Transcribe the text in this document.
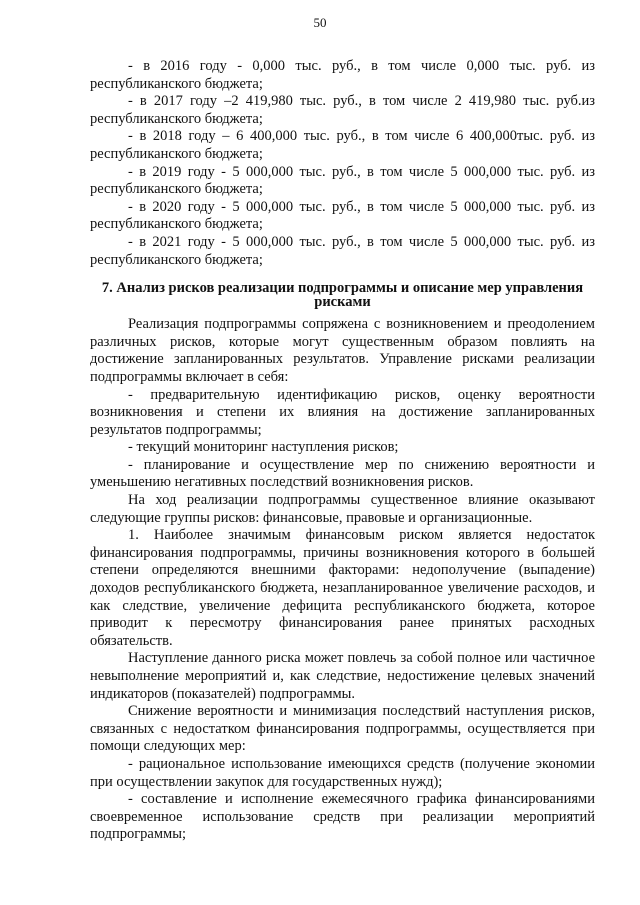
50

- в 2016 году - 0,000 тыс. руб., в том числе 0,000 тыс. руб. из республиканского бюджета;

- в 2017 году –2 419,980 тыс. руб., в том числе 2 419,980 тыс. руб.из республиканского бюджета;

- в 2018 году – 6 400,000 тыс. руб., в том числе 6 400,000тыс. руб. из республиканского бюджета;

- в 2019 году - 5 000,000 тыс. руб., в том числе 5 000,000 тыс. руб. из республиканского бюджета;

- в 2020 году - 5 000,000 тыс. руб., в том числе 5 000,000 тыс. руб. из республиканского бюджета;

- в 2021 году - 5 000,000 тыс. руб., в том числе 5 000,000 тыс. руб. из республиканского бюджета;

7. Анализ рисков реализации подпрограммы и описание мер управления рисками

Реализация подпрограммы сопряжена с возникновением и преодолением различных рисков, которые могут существенным образом повлиять на достижение запланированных результатов. Управление рисками реализации подпрограммы включает в себя:

- предварительную идентификацию рисков, оценку вероятности возникновения и степени их влияния на достижение запланированных результатов подпрограммы;

- текущий мониторинг наступления рисков;

- планирование и осуществление мер по снижению вероятности и уменьшению негативных последствий возникновения рисков.

На ход реализации подпрограммы существенное влияние оказывают следующие группы рисков: финансовые, правовые и организационные.

1. Наиболее значимым финансовым риском является недостаток финансирования подпрограммы, причины возникновения которого в большей степени определяются внешними факторами: недополучение (выпадение) доходов республиканского бюджета, незапланированное увеличение расходов, и как следствие, увеличение дефицита республиканского бюджета, которое приводит к пересмотру финансирования ранее принятых расходных обязательств.

Наступление данного риска может повлечь за собой полное или частичное невыполнение мероприятий и, как следствие, недостижение целевых значений индикаторов (показателей) подпрограммы.

Снижение вероятности и минимизация последствий наступления рисков, связанных с недостатком финансирования подпрограммы, осуществляется при помощи следующих мер:

- рациональное использование имеющихся средств (получение экономии при осуществлении закупок для государственных нужд);

- составление и исполнение ежемесячного графика финансированиями своевременное использование средств при реализации мероприятий подпрограммы;
